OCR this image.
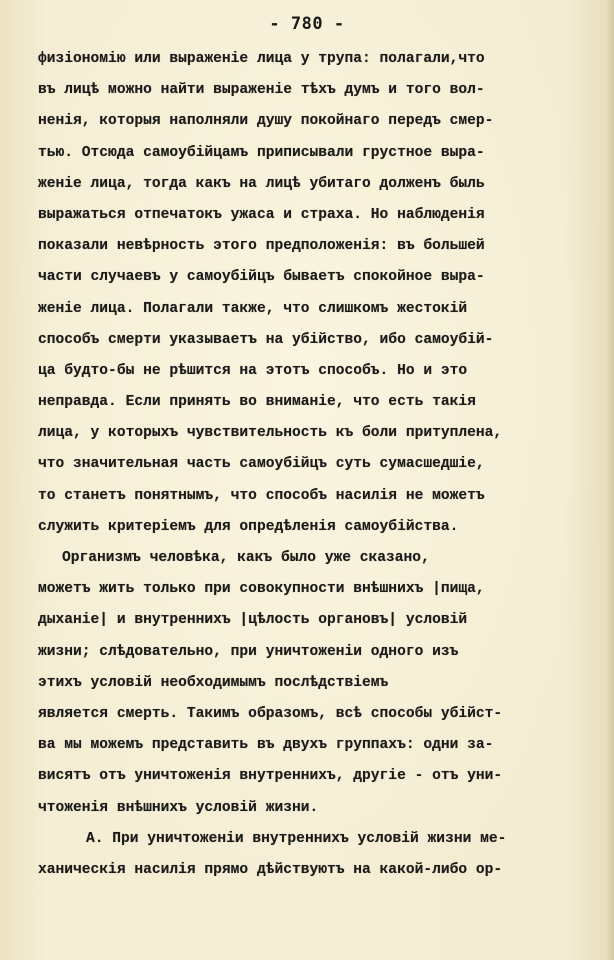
- 780 -
физіономію или выраженіе лица у трупа: полагали,что
въ лицѣ можно найти выраженіе тѣхъ думъ и того вол-
ненія, которыя наполняли душу покойнаго передъ смер-
тью. Отсюда самоубійцамъ приписывали грустное выра-
женіе лица, тогда какъ на лицѣ убитаго долженъ быль
выражаться отпечатокъ ужаса и страха. Но наблюденія
показали невѣрность этого предположенія: въ большей
части случаевъ у самоубійцъ бываетъ спокойное выра-
женіе лица. Полагали также, что слишкомъ жестокій
способъ смерти указываетъ на убійство, ибо самоубій-
ца будто-бы не рѣшится на этотъ способъ. Но и это
неправда. Если принять во вниманіе, что есть такія
лица, у которыхъ чувствительность къ боли притуплена,
что значительная часть самоубійцъ суть сумасшедшіе,
то станетъ понятнымъ, что способъ насилія не можетъ
служить критеріемъ для опредѣленія самоубійства.
Организмъ человѣка, какъ было уже сказано,
можетъ жить только при совокупности внѣшнихъ |пища,
дыханіе| и внутреннихъ |цѣлость органовъ| условій
жизни; слѣдовательно, при уничтоженіи одного изъ
этихъ условій необходимымъ послѣдствіемъ
является смерть. Такимъ образомъ, всѣ способы убійст-
ва мы можемъ представить въ двухъ группахъ: одни за-
висятъ отъ уничтоженія внутреннихъ, другіе - отъ уни-
чтоженія внѣшнихъ условій жизни.
А. При уничтоженіи внутреннихъ условій жизни ме-
ханическія насилія прямо дѣйствуютъ на какой-либо ор-
